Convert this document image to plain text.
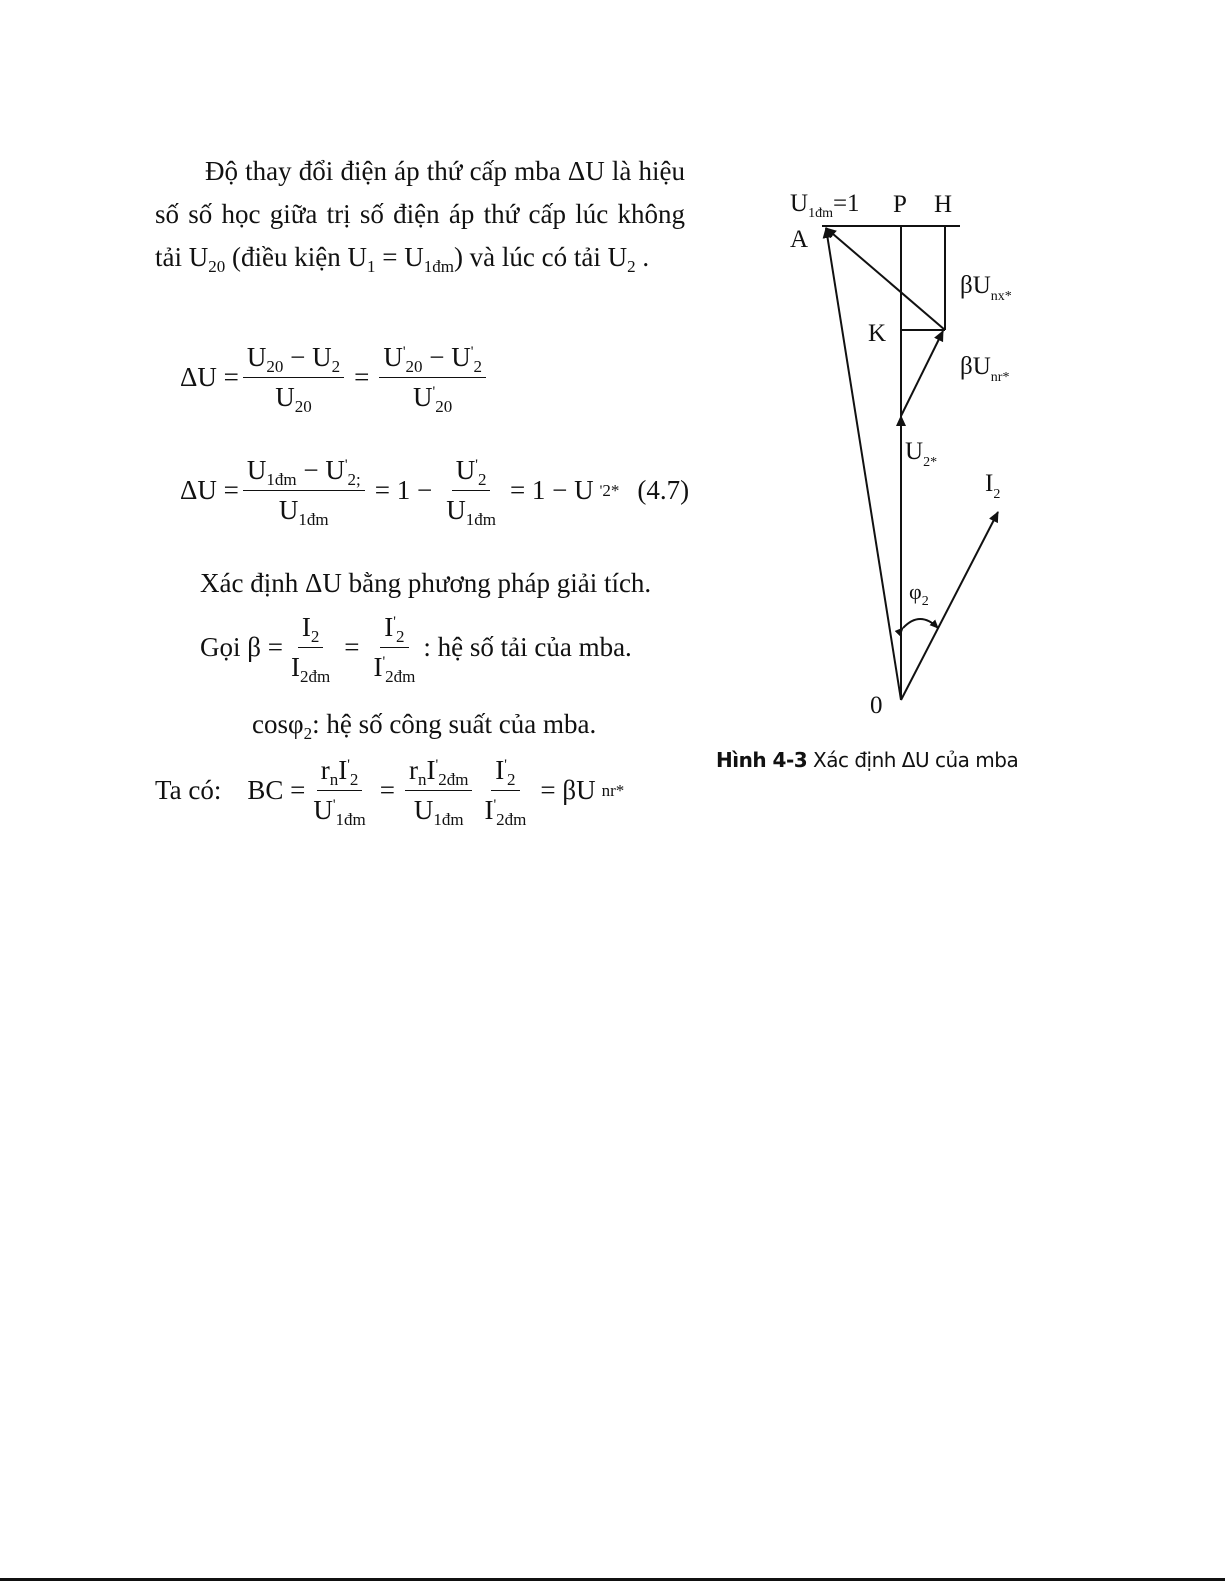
Độ thay đổi điện áp thứ cấp mba ΔU là hiệu số số học giữa trị số điện áp thứ cấp lúc không tải $U_{20}$ (điều kiện $U_1 = U_{1đm}$) và lúc có tải $U_2$ .
$\Delta U = \frac{U_{20} - U_2}{U_{20}} = \frac{U'_{20} - U'_2}{U'_{20}}$
$\Delta U = \frac{U_{1đm} - U'_{2;}}{U_{1đm}} = 1 - \frac{U'_2}{U_{1đm}} = 1 - U$ ' 2* (4.7)
Xác định ΔU bằng phương pháp giải tích.
Gọi $\beta = \frac{I_2}{I_{2đm}} = \frac{I'_2}{I'_{2đm}}$ : hệ số tải của mba.
cosφ$_2$: hệ số công suất của mba.
Ta có: BC = $\frac{r_nI'_2}{U'_{1đm}} = \frac{r_nI'_{2đm}}{U_{1đm}} \frac{I'_2}{I'_{2đm}} = \beta U$ nr*
$U_{1đm}=1$ P H
A
K
$\beta U_{nx*}$
$\beta U_{nr*}$
$U_{2*}$
$I_2$
$\varphi_2$
0
Hình 4-3 Xác định ΔU của mba
